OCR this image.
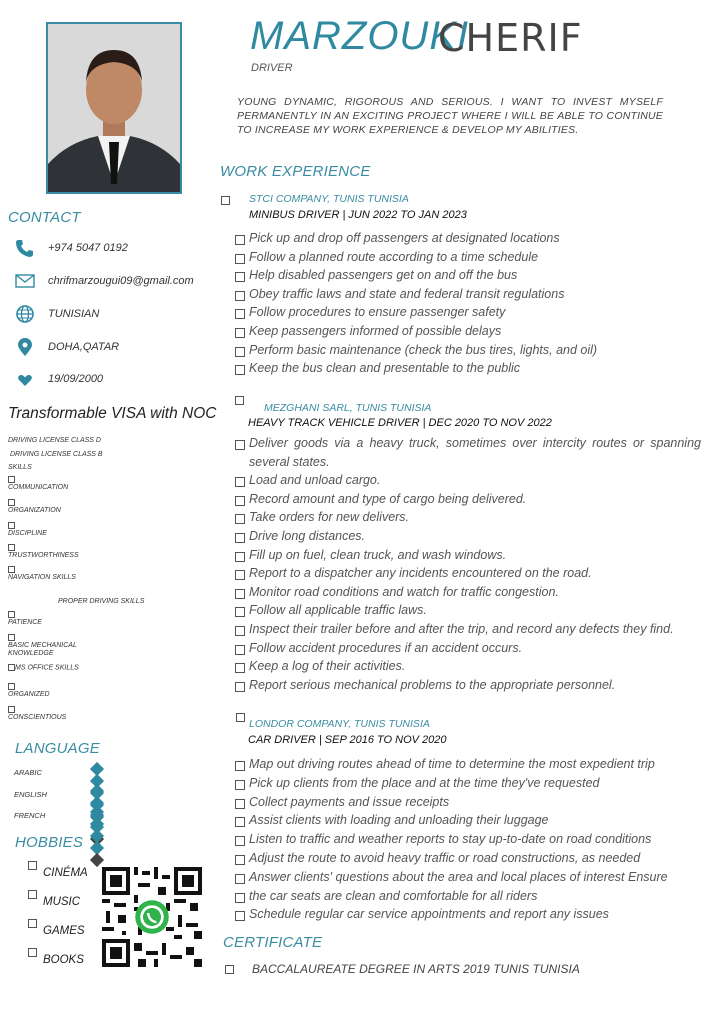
MARZOUKI
CHERIF
DRIVER
YOUNG DYNAMIC, RIGOROUS AND SERIOUS. I WANT TO INVEST MYSELF PERMANENTLY IN AN EXCITING PROJECT WHERE I WILL BE ABLE TO CONTINUE TO INCREASE MY WORK EXPERIENCE & DEVELOP MY ABILITIES.
CONTACT
+974 5047 0192
chrifmarzougui09@gmail.com
TUNISIAN
DOHA,QATAR
19/09/2000
Transformable VISA with NOC
DRIVING LICENSE CLASS D
DRIVING LICENSE CLASS B
SKILLS

COMMUNICATION

ORGANIZATION

DISCIPLINE

TRUSTWORTHINESS

NAVIGATION SKILLS
PROPER DRIVING SKILLS

PATIENCE

BASIC MECHANICAL KNOWLEDGE
MS OFFICE SKILLS

ORGANIZED

CONSCIENTIOUS
LANGUAGE
ARABIC
ENGLISH
FRENCH
HOBBIES
CINÉMA
MUSIC
GAMES
BOOKS
WORK EXPERIENCE
STCI COMPANY, TUNIS TUNISIA
MINIBUS DRIVER | JUN 2022 TO JAN 2023
Pick up and drop off passengers at designated locations
Follow a planned route according to a time schedule
Help disabled passengers get on and off the bus
Obey traffic laws and state and federal transit regulations
Follow procedures to ensure passenger safety
Keep passengers informed of possible delays
Perform basic maintenance (check the bus tires, lights, and oil)
Keep the bus clean and presentable to the public
MEZGHANI SARL, TUNIS TUNISIA
HEAVY TRACK VEHICLE DRIVER | DEC 2020 TO NOV 2022
Deliver goods via a heavy truck, sometimes over intercity routes or spanning several states.
Load and unload cargo.
Record amount and type of cargo being delivered.
Take orders for new delivers.
Drive long distances.
Fill up on fuel, clean truck, and wash windows.
Report to a dispatcher any incidents encountered on the road.
Monitor road conditions and watch for traffic congestion.
Follow all applicable traffic laws.
Inspect their trailer before and after the trip, and record any defects they find.
Follow accident procedures if an accident occurs.
Keep a log of their activities.
Report serious mechanical problems to the appropriate personnel.
LONDOR COMPANY, TUNIS TUNISIA
CAR DRIVER | SEP 2016 TO NOV 2020
Map out driving routes ahead of time to determine the most expedient trip
Pick up clients from the place and at the time they've requested
Collect payments and issue receipts
Assist clients with loading and unloading their luggage
Listen to traffic and weather reports to stay up-to-date on road conditions
Adjust the route to avoid heavy traffic or road constructions, as needed
Answer clients' questions about the area and local places of interest Ensure
the car seats are clean and comfortable for all riders
Schedule regular car service appointments and report any issues
CERTIFICATE
BACCALAUREATE DEGREE IN ARTS 2019 TUNIS TUNISIA
